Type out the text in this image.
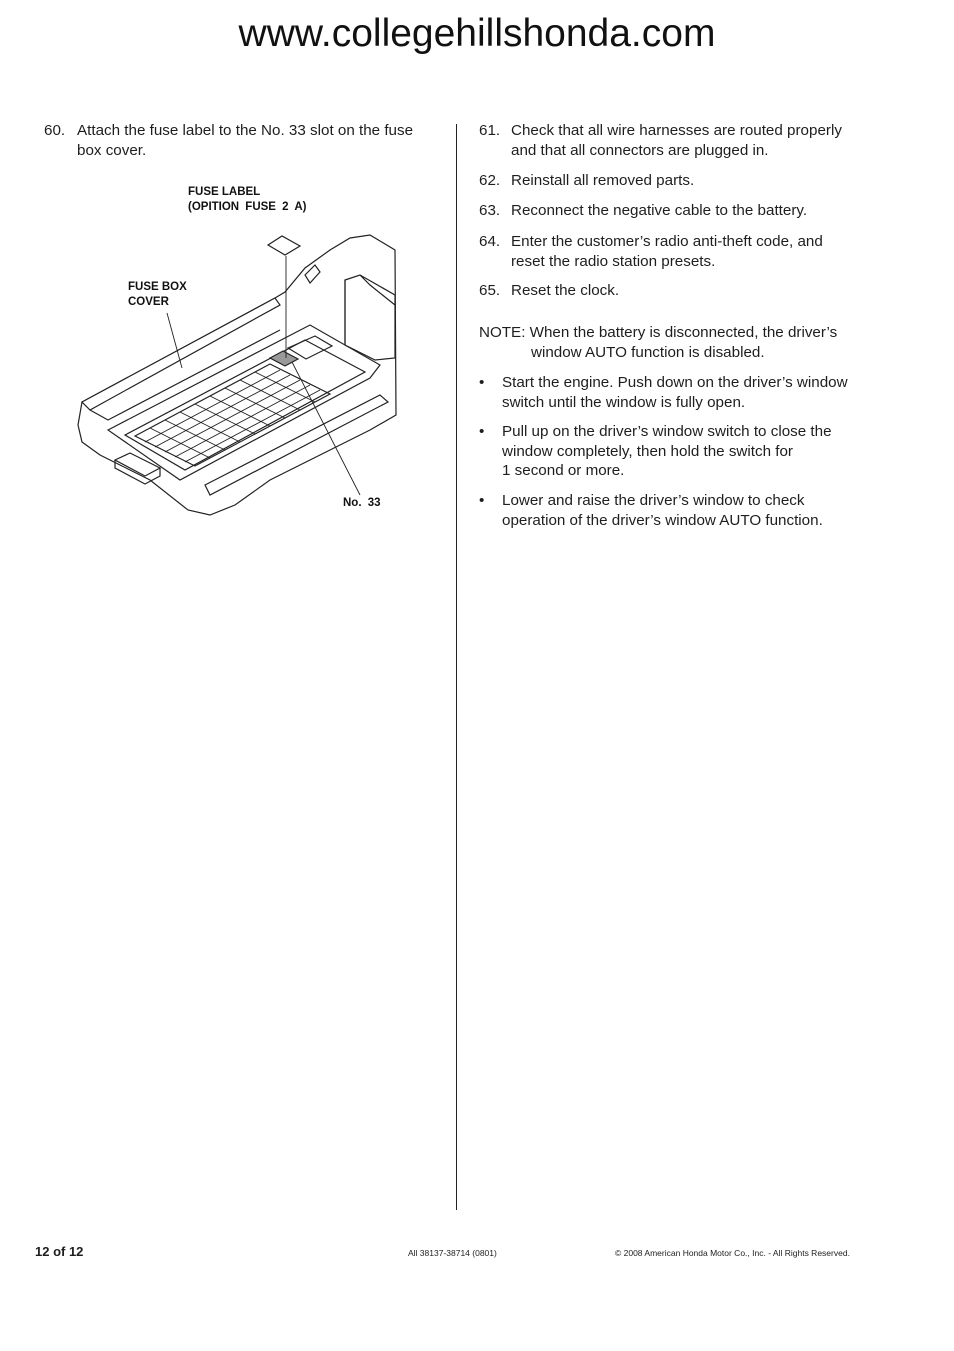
www.collegehillshonda.com
60. Attach the fuse label to the No. 33 slot on the fuse
box cover.
FUSE LABEL
(OPITION FUSE 2 A)
FUSE BOX
COVER
No. 33
61. Check that all wire harnesses are routed properly
and that all connectors are plugged in.
62. Reinstall all removed parts.
63. Reconnect the negative cable to the battery.
64. Enter the customer’s radio anti-theft code, and
reset the radio station presets.
65. Reset the clock.
NOTE: When the battery is disconnected, the driver’s
window AUTO function is disabled.
• Start the engine. Push down on the driver’s window
switch until the window is fully open.
• Pull up on the driver’s window switch to close the
window completely, then hold the switch for
1 second or more.
• Lower and raise the driver’s window to check
operation of the driver’s window AUTO function.
12 of 12	All 38137-38714 (0801)	© 2008 American Honda Motor Co., Inc. - All Rights Reserved.
